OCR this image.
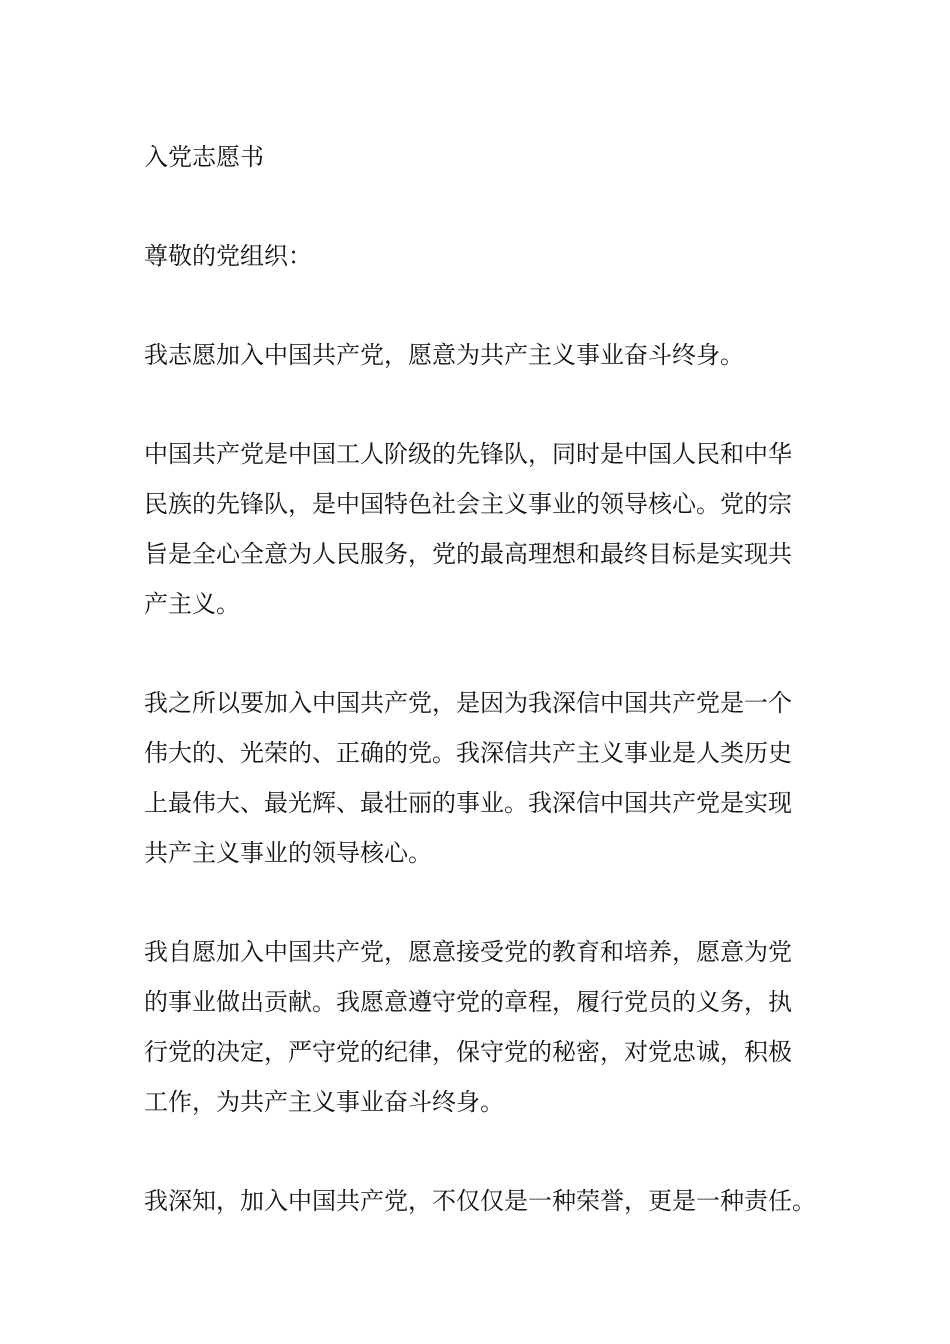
入党志愿书
尊敬的党组织：
我志愿加入中国共产党，愿意为共产主义事业奋斗终身。
中国共产党是中国工人阶级的先锋队，同时是中国人民和中华
民族的先锋队，是中国特色社会主义事业的领导核心。党的宗
旨是全心全意为人民服务，党的最高理想和最终目标是实现共
产主义。
我之所以要加入中国共产党，是因为我深信中国共产党是一个
伟大的、光荣的、正确的党。我深信共产主义事业是人类历史
上最伟大、最光辉、最壮丽的事业。我深信中国共产党是实现
共产主义事业的领导核心。
我自愿加入中国共产党，愿意接受党的教育和培养，愿意为党
的事业做出贡献。我愿意遵守党的章程，履行党员的义务，执
行党的决定，严守党的纪律，保守党的秘密，对党忠诚，积极
工作，为共产主义事业奋斗终身。
我深知，加入中国共产党，不仅仅是一种荣誉，更是一种责任。
